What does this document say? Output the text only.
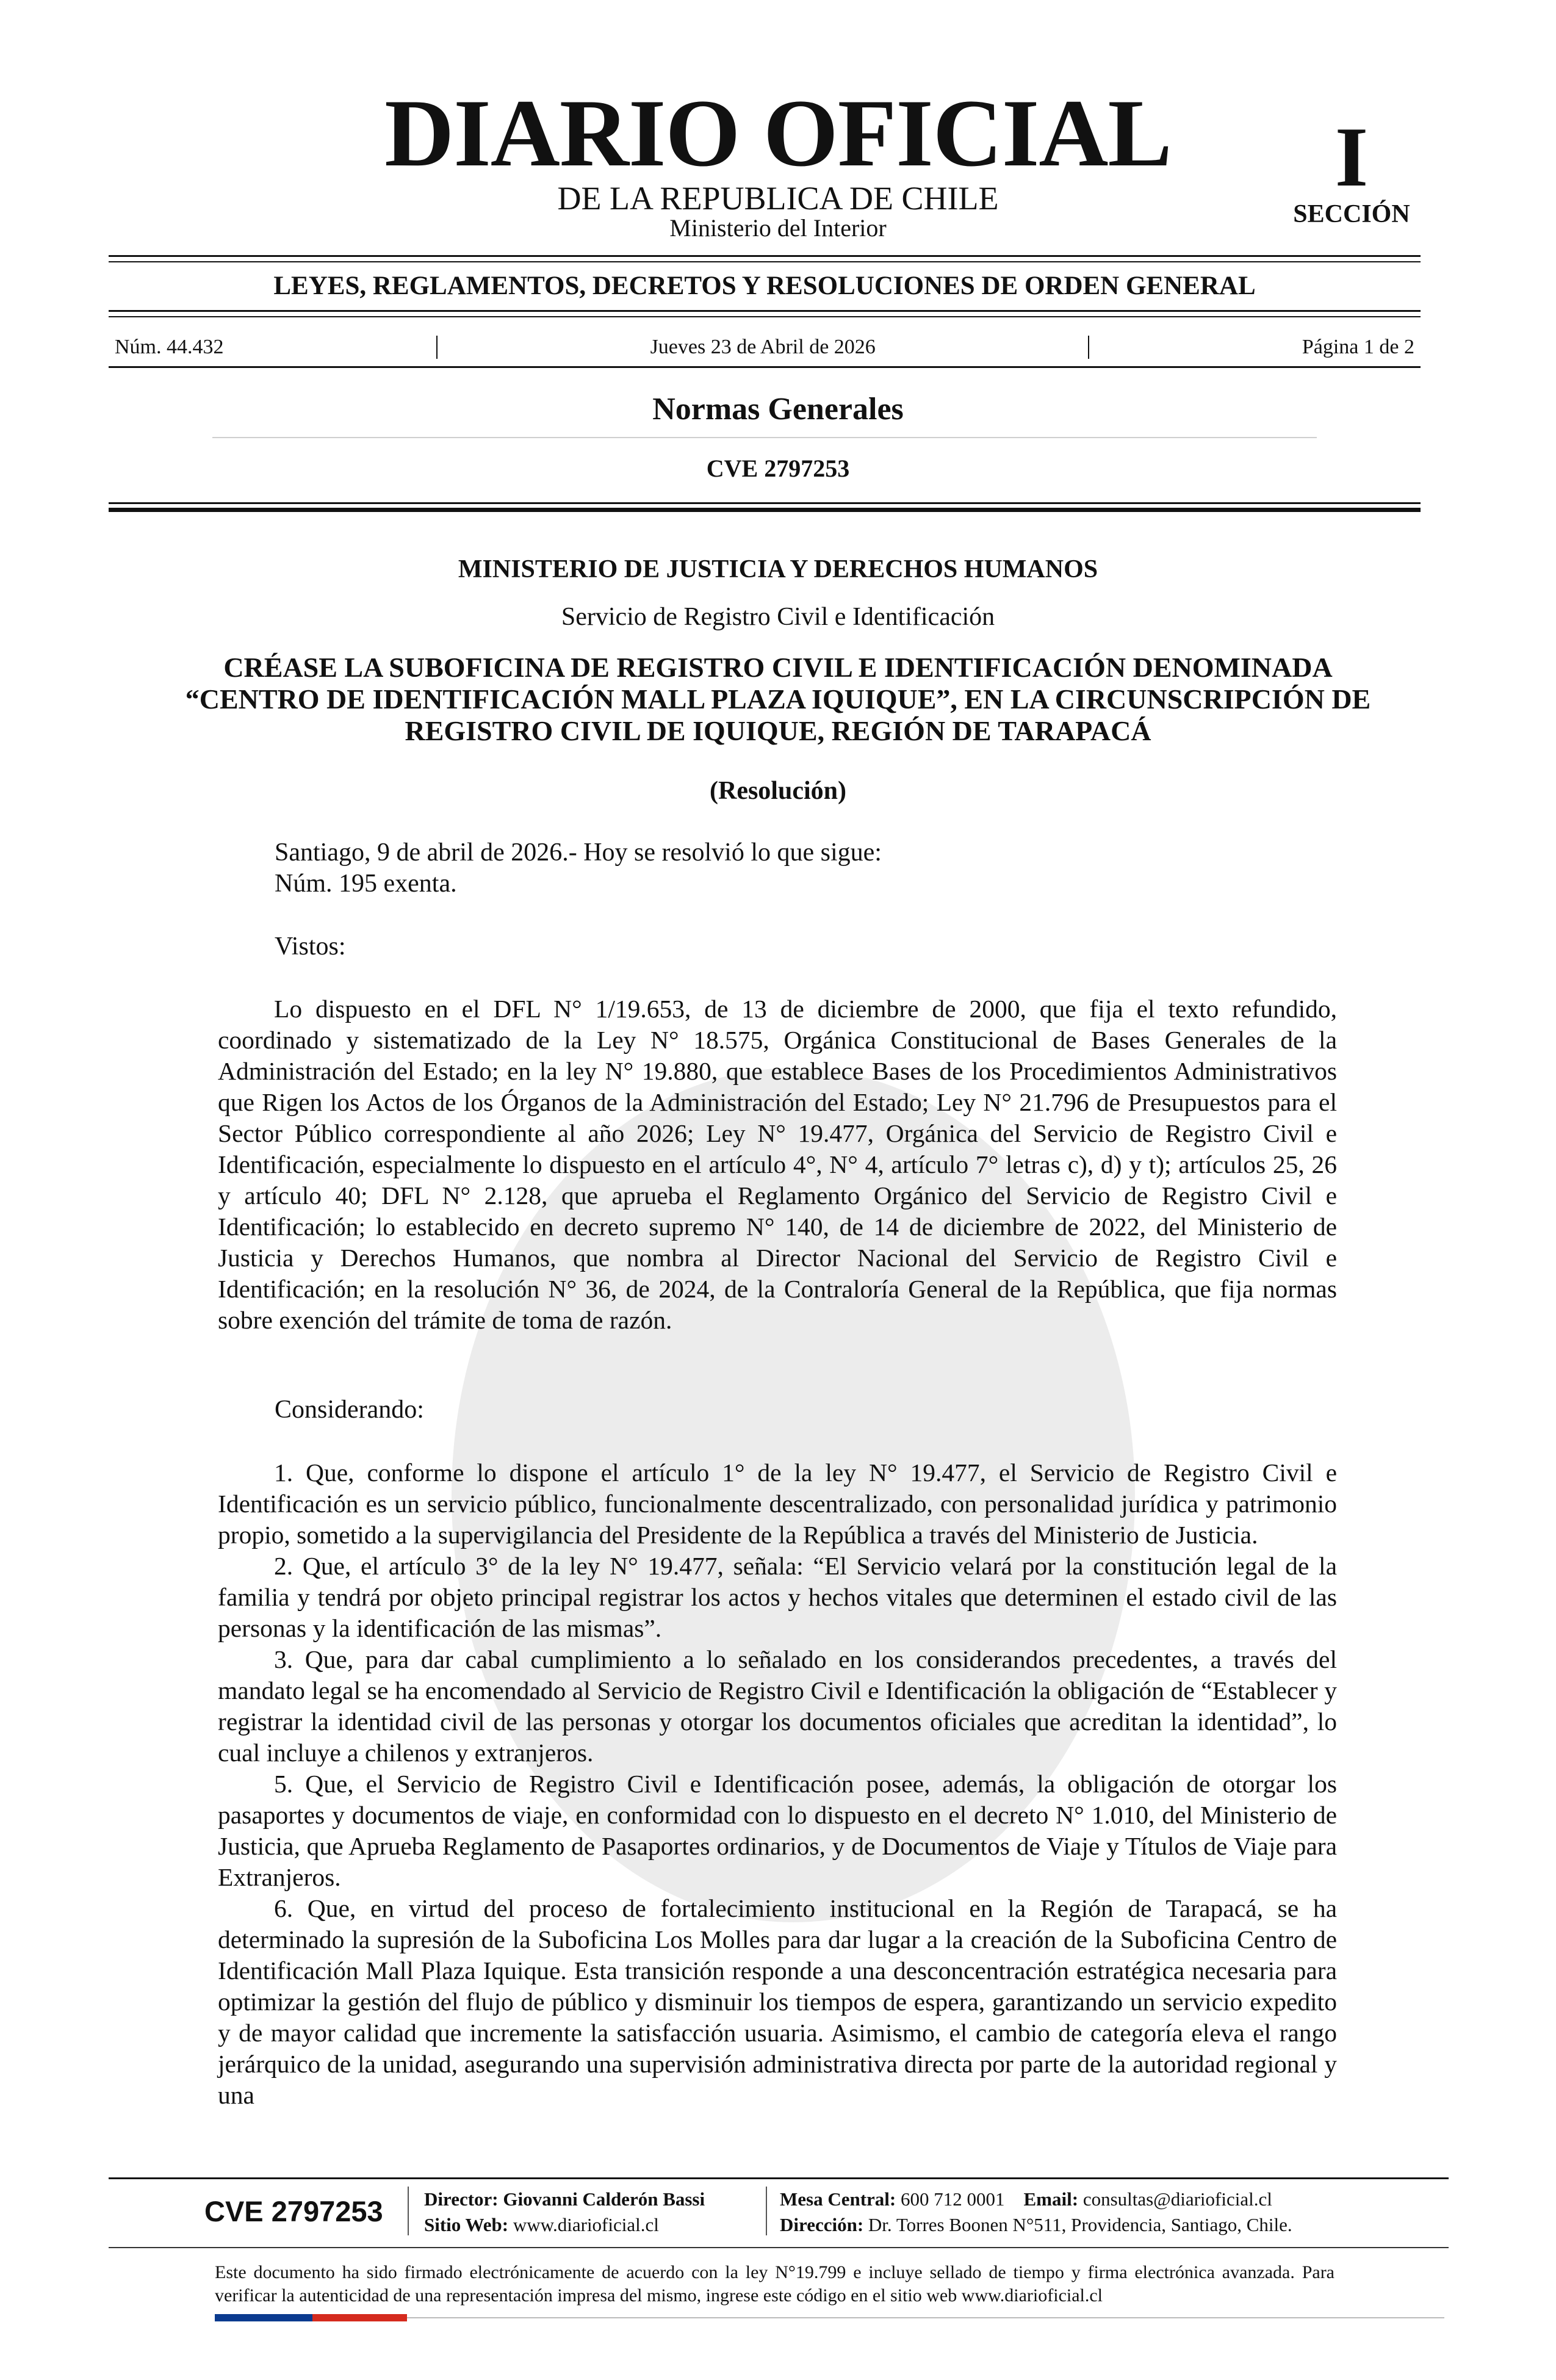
DIARIO OFICIAL
DE LA REPUBLICA DE CHILE
Ministerio del Interior
I
SECCIÓN
LEYES, REGLAMENTOS, DECRETOS Y RESOLUCIONES DE ORDEN GENERAL
Núm. 44.432	Jueves 23 de Abril de 2026	Página 1 de 2
Normas Generales
CVE 2797253
MINISTERIO DE JUSTICIA Y DERECHOS HUMANOS
Servicio de Registro Civil e Identificación
CRÉASE LA SUBOFICINA DE REGISTRO CIVIL E IDENTIFICACIÓN DENOMINADA “CENTRO DE IDENTIFICACIÓN MALL PLAZA IQUIQUE”, EN LA CIRCUNSCRIPCIÓN DE REGISTRO CIVIL DE IQUIQUE, REGIÓN DE TARAPACÁ
(Resolución)
Santiago, 9 de abril de 2026.- Hoy se resolvió lo que sigue:
Núm. 195 exenta.
Vistos:

Lo dispuesto en el DFL N° 1/19.653, de 13 de diciembre de 2000, que fija el texto refundido, coordinado y sistematizado de la Ley N° 18.575, Orgánica Constitucional de Bases Generales de la Administración del Estado; en la ley N° 19.880, que establece Bases de los Procedimientos Administrativos que Rigen los Actos de los Órganos de la Administración del Estado; Ley N° 21.796 de Presupuestos para el Sector Público correspondiente al año 2026; Ley N° 19.477, Orgánica del Servicio de Registro Civil e Identificación, especialmente lo dispuesto en el artículo 4°, N° 4, artículo 7° letras c), d) y t); artículos 25, 26 y artículo 40; DFL N° 2.128, que aprueba el Reglamento Orgánico del Servicio de Registro Civil e Identificación; lo establecido en decreto supremo N° 140, de 14 de diciembre de 2022, del Ministerio de Justicia y Derechos Humanos, que nombra al Director Nacional del Servicio de Registro Civil e Identificación; en la resolución N° 36, de 2024, de la Contraloría General de la República, que fija normas sobre exención del trámite de toma de razón.

Considerando:

1. Que, conforme lo dispone el artículo 1° de la ley N° 19.477, el Servicio de Registro Civil e Identificación es un servicio público, funcionalmente descentralizado, con personalidad jurídica y patrimonio propio, sometido a la supervigilancia del Presidente de la República a través del Ministerio de Justicia.

2. Que, el artículo 3° de la ley N° 19.477, señala: “El Servicio velará por la constitución legal de la familia y tendrá por objeto principal registrar los actos y hechos vitales que determinen el estado civil de las personas y la identificación de las mismas”.

3. Que, para dar cabal cumplimiento a lo señalado en los considerandos precedentes, a través del mandato legal se ha encomendado al Servicio de Registro Civil e Identificación la obligación de “Establecer y registrar la identidad civil de las personas y otorgar los documentos oficiales que acreditan la identidad”, lo cual incluye a chilenos y extranjeros.

5. Que, el Servicio de Registro Civil e Identificación posee, además, la obligación de otorgar los pasaportes y documentos de viaje, en conformidad con lo dispuesto en el decreto N° 1.010, del Ministerio de Justicia, que Aprueba Reglamento de Pasaportes ordinarios, y de Documentos de Viaje y Títulos de Viaje para Extranjeros.

6. Que, en virtud del proceso de fortalecimiento institucional en la Región de Tarapacá, se ha determinado la supresión de la Suboficina Los Molles para dar lugar a la creación de la Suboficina Centro de Identificación Mall Plaza Iquique. Esta transición responde a una desconcentración estratégica necesaria para optimizar la gestión del flujo de público y disminuir los tiempos de espera, garantizando un servicio expedito y de mayor calidad que incremente la satisfacción usuaria. Asimismo, el cambio de categoría eleva el rango jerárquico de la unidad, asegurando una supervisión administrativa directa por parte de la autoridad regional y una

CVE 2797253 Director: Giovanni Calderón Bassi
Sitio Web: www.diarioficial.cl
Mesa Central: 600 712 0001 Email: consultas@diarioficial.cl
Dirección: Dr. Torres Boonen N°511, Providencia, Santiago, Chile.
Este documento ha sido firmado electrónicamente de acuerdo con la ley N°19.799 e incluye sellado de tiempo y firma electrónica avanzada. Para verificar la autenticidad de una representación impresa del mismo, ingrese este código en el sitio web www.diarioficial.cl
